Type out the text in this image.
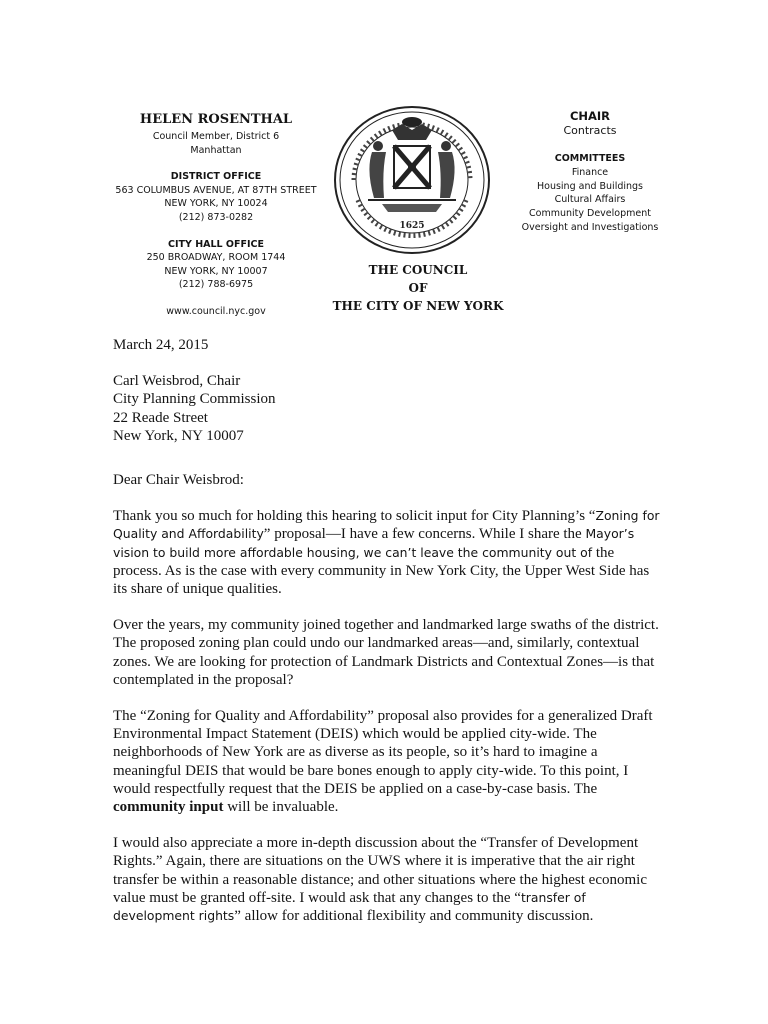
HELEN ROSENTHAL
Council Member, District 6
Manhattan
DISTRICT OFFICE
563 COLUMBUS AVENUE, AT 87TH STREET
NEW YORK, NY 10024
(212) 873-0282
CITY HALL OFFICE
250 BROADWAY, ROOM 1744
NEW YORK, NY 10007
(212) 788-6975
www.council.nyc.gov
1625
CHAIR
Contracts
COMMITTEES
Finance
Housing and Buildings
Cultural Affairs
Community Development
Oversight and Investigations
THE COUNCIL
OF
THE CITY OF NEW YORK

March 24, 2015

Carl Weisbrod, Chair

City Planning Commission

22 Reade Street

New York, NY 10007

Dear Chair Weisbrod:

Thank you so much for holding this hearing to solicit input for City Planning’s “Zoning for Quality and Affordability” proposal—I have a few concerns. While I share the Mayor’s vision to build more affordable housing, we can’t leave the community out of the process. As is the case with every community in New York City, the Upper West Side has its share of unique qualities.

Over the years, my community joined together and landmarked large swaths of the district. The proposed zoning plan could undo our landmarked areas—and, similarly, contextual zones. We are looking for protection of Landmark Districts and Contextual Zones—is that contemplated in the proposal?

The “Zoning for Quality and Affordability” proposal also provides for a generalized Draft Environmental Impact Statement (DEIS) which would be applied city-wide. The neighborhoods of New York are as diverse as its people, so it’s hard to imagine a meaningful DEIS that would be bare bones enough to apply city-wide. To this point, I would respectfully request that the DEIS be applied on a case-by-case basis. The community input will be invaluable.

I would also appreciate a more in-depth discussion about the “Transfer of Development Rights.” Again, there are situations on the UWS where it is imperative that the air right transfer be within a reasonable distance; and other situations where the highest economic value must be granted off-site. I would ask that any changes to the “transfer of development rights” allow for additional flexibility and community discussion.
